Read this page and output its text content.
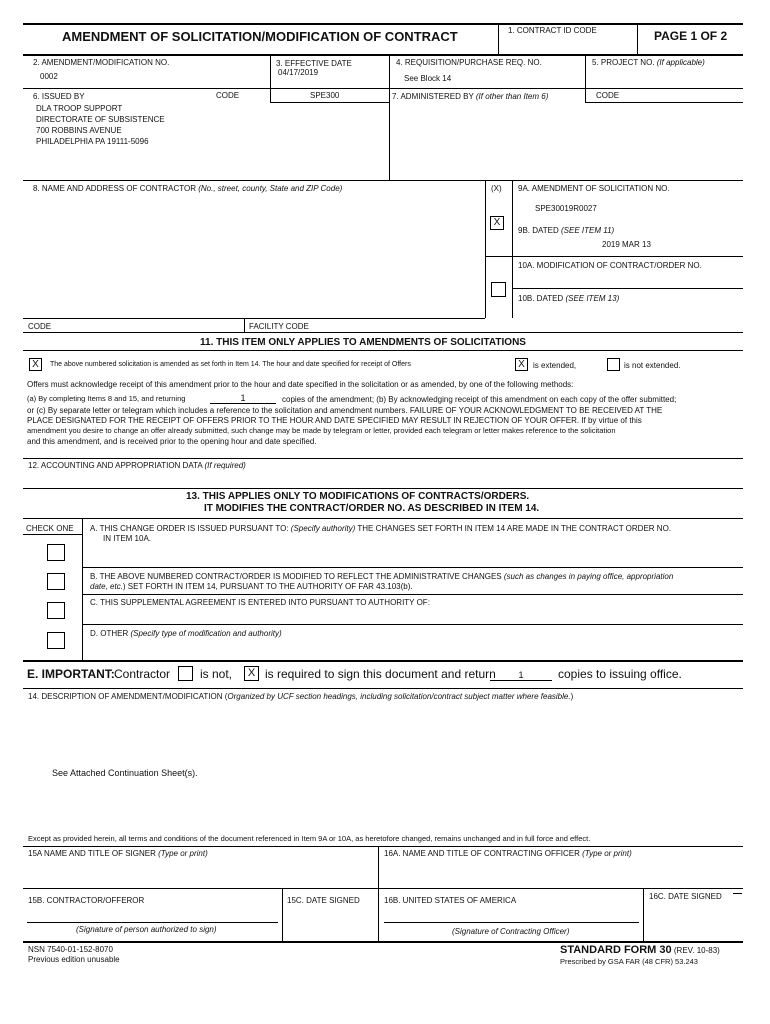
AMENDMENT OF SOLICITATION/MODIFICATION OF CONTRACT	1. CONTRACT ID CODE	PAGE 1 OF 2
2. AMENDMENT/MODIFICATION NO.
0002
3. EFFECTIVE DATE
04/17/2019
4. REQUISITION/PURCHASE REQ. NO.
See Block 14
5. PROJECT NO. (If applicable)
6. ISSUED BY	CODE	SPE300
DLA TROOP SUPPORT
DIRECTORATE OF SUBSISTENCE
700 ROBBINS AVENUE
PHILADELPHIA PA 19111-5096
7. ADMINISTERED BY (If other than Item 6)	CODE
8. NAME AND ADDRESS OF CONTRACTOR (No., street, county, State and ZIP Code)	(X) 9A. AMENDMENT OF SOLICITATION NO.
SPE30019R0027
X
9B. DATED (SEE ITEM 11)
2019 MAR 13
10A. MODIFICATION OF CONTRACT/ORDER NO.
10B. DATED (SEE ITEM 13)
CODE	FACILITY CODE
11. THIS ITEM ONLY APPLIES TO AMENDMENTS OF SOLICITATIONS
X	The above numbered solicitation is amended as set forth in Item 14. The hour and date specified for receipt of Offers	X	is extended,	is not extended.
Offers must acknowledge receipt of this amendment prior to the hour and date specified in the solicitation or as amended, by one of the following methods:
(a) By completing Items 8 and 15, and returning	1	copies of the amendment; (b) By acknowledging receipt of this amendment on each copy of the offer submitted;
or (c) By separate letter or telegram which includes a reference to the solicitation and amendment numbers. FAILURE OF YOUR ACKNOWLEDGMENT TO BE RECEIVED AT THE
PLACE DESIGNATED FOR THE RECEIPT OF OFFERS PRIOR TO THE HOUR AND DATE SPECIFIED MAY RESULT IN REJECTION OF YOUR OFFER. If by virtue of this
amendment you desire to change an offer already submitted, such change may be made by telegram or letter, provided each telegram or letter makes reference to the solicitation
and this amendment, and is received prior to the opening hour and date specified.
12. ACCOUNTING AND APPROPRIATION DATA (If required)
13. THIS APPLIES ONLY TO MODIFICATIONS OF CONTRACTS/ORDERS.
IT MODIFIES THE CONTRACT/ORDER NO. AS DESCRIBED IN ITEM 14.
CHECK ONE A. THIS CHANGE ORDER IS ISSUED PURSUANT TO: (Specify authority) THE CHANGES SET FORTH IN ITEM 14 ARE MADE IN THE CONTRACT ORDER NO.
IN ITEM 10A.
B. THE ABOVE NUMBERED CONTRACT/ORDER IS MODIFIED TO REFLECT THE ADMINISTRATIVE CHANGES (such as changes in paying office, appropriation
date, etc.) SET FORTH IN ITEM 14, PURSUANT TO THE AUTHORITY OF FAR 43.103(b).
C. THIS SUPPLEMENTAL AGREEMENT IS ENTERED INTO PURSUANT TO AUTHORITY OF:
D. OTHER (Specify type of modification and authority)
E. IMPORTANT: Contractor is not,	X is required to sign this document and return	1	copies to issuing office.
14. DESCRIPTION OF AMENDMENT/MODIFICATION (Organized by UCF section headings, including solicitation/contract subject matter where feasible.)
See Attached Continuation Sheet(s).
Except as provided herein, all terms and conditions of the document referenced in Item 9A or 10A, as heretofore changed, remains unchanged and in full force and effect.
15A NAME AND TITLE OF SIGNER (Type or print)	16A. NAME AND TITLE OF CONTRACTING OFFICER (Type or print)
15B. CONTRACTOR/OFFEROR	15C. DATE SIGNED	16B. UNITED STATES OF AMERICA	16C. DATE SIGNED
(Signature of person authorized to sign)	(Signature of Contracting Officer)
NSN 7540-01-152-8070
Previous edition unusable
STANDARD FORM 30 (REV. 10-83)
Prescribed by GSA FAR (48 CFR) 53.243
